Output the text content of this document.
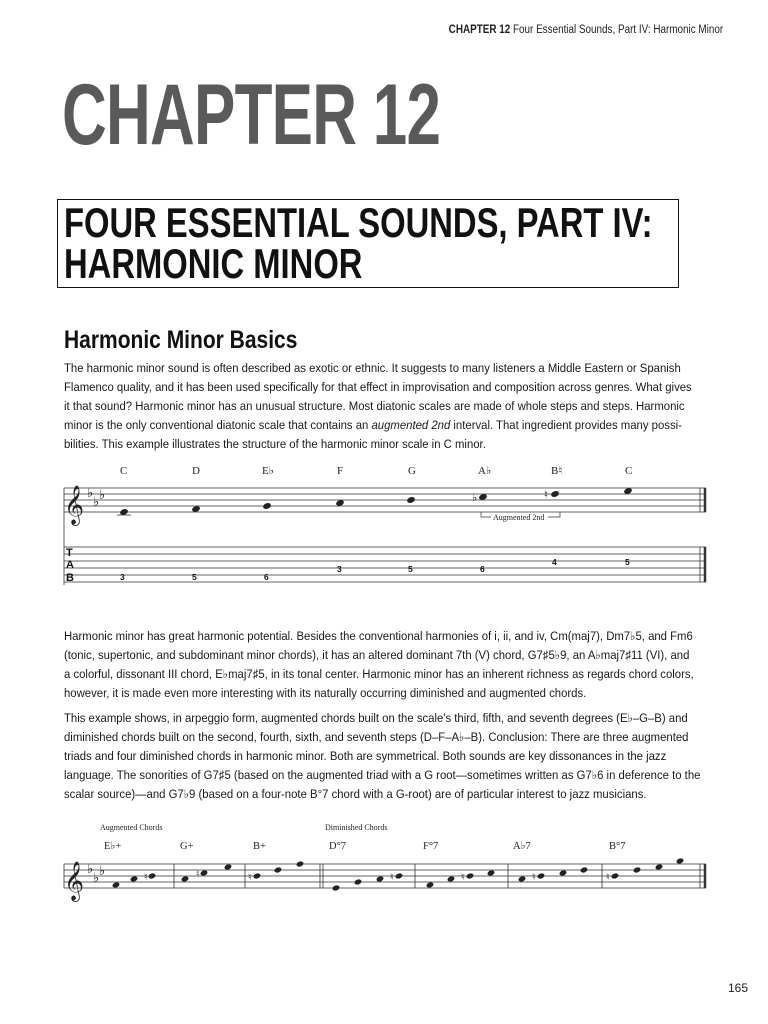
CHAPTER 12 Four Essential Sounds, Part IV: Harmonic Minor
CHAPTER 12
FOUR ESSENTIAL SOUNDS, PART IV:
HARMONIC MINOR
Harmonic Minor Basics
The harmonic minor sound is often described as exotic or ethnic. It suggests to many listeners a Middle Eastern or Spanish
Flamenco quality, and it has been used specifically for that effect in improvisation and composition across genres. What gives
it that sound? Harmonic minor has an unusual structure. Most diatonic scales are made of whole steps and steps. Harmonic
minor is the only conventional diatonic scale that contains an augmented 2nd interval. That ingredient provides many possi-
bilities. This example illustrates the structure of the harmonic minor scale in C minor.
C	D	E♭	F	G	A♭	B♮	C
𝄞 ♭
♭ ♭	♭	♮
Augmented 2nd
T
A
B	3	5	6
3	5	6
4	5
Harmonic minor has great harmonic potential. Besides the conventional harmonies of i, ii, and iv, Cm(maj7), Dm7♭5, and Fm6
(tonic, supertonic, and subdominant minor chords), it has an altered dominant 7th (V) chord, G7♯5♭9, an A♭maj7♯11 (VI), and
a colorful, dissonant III chord, E♭maj7♯5, in its tonal center. Harmonic minor has an inherent richness as regards chord colors,
however, it is made even more interesting with its naturally occurring diminished and augmented chords.
This example shows, in arpeggio form, augmented chords built on the scale's third, fifth, and seventh degrees (E♭–G–B) and
diminished chords built on the second, fourth, sixth, and seventh steps (D–F–A♭–B). Conclusion: There are three augmented
triads and four diminished chords in harmonic minor. Both are symmetrical. Both sounds are key dissonances in the jazz
language. The sonorities of G7♯5 (based on the augmented triad with a G root—sometimes written as G7♭6 in deference to the
scalar source)—and G7♭9 (based on a four-note B°7 chord with a G-root) are of particular interest to jazz musicians.
Augmented Chords	Diminished Chords
E♭+	G+	B+	D°7	F°7	A♭7	B°7
𝄞 ♭
♭ ♭	♮	♮	♮	♮	♮	♮	♮
165
